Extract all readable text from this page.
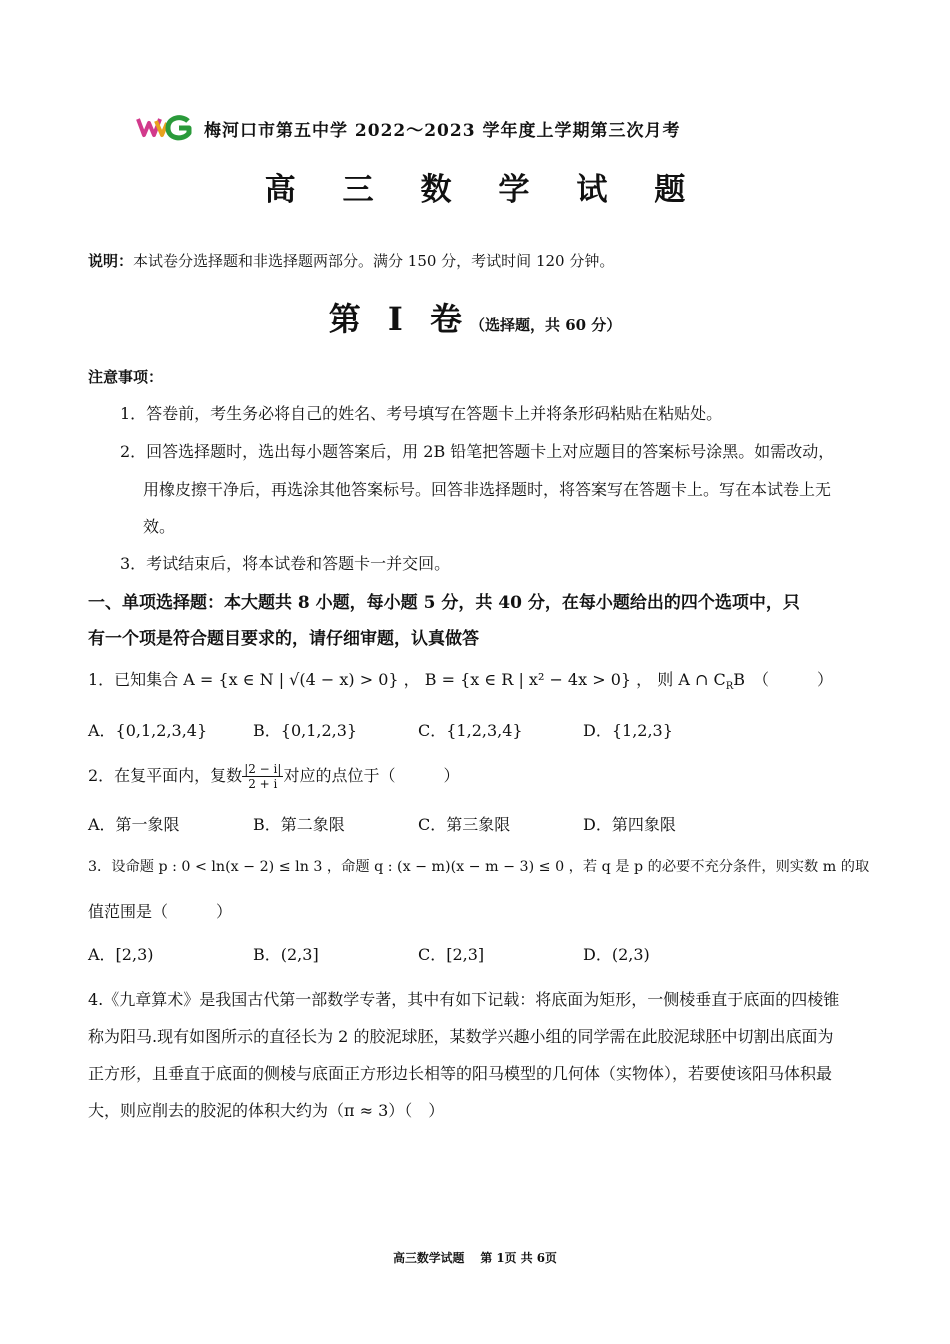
梅河口市第五中学 2022～2023 学年度上学期第三次月考
高 三 数 学 试 题
说明：本试卷分选择题和非选择题两部分。满分 150 分，考试时间 120 分钟。
第 I 卷（选择题，共 60 分）
注意事项：
1．答卷前，考生务必将自己的姓名、考号填写在答题卡上并将条形码粘贴在粘贴处。
2．回答选择题时，选出每小题答案后，用 2B 铅笔把答题卡上对应题目的答案标号涂黑。如需改动，
用橡皮擦干净后，再选涂其他答案标号。回答非选择题时，将答案写在答题卡上。写在本试卷上无
效。
3．考试结束后，将本试卷和答题卡一并交回。
一、单项选择题：本大题共 8 小题，每小题 5 分，共 40 分，在每小题给出的四个选项中，只
有一个项是符合题目要求的，请仔细审题，认真做答
1．已知集合 A = {x ∈ N | √(4 − x) > 0} ， B = {x ∈ R | x² − 4x > 0} ， 则 A ∩ $C_RB$　（　　　）
A．{0,1,2,3,4}	B．{0,1,2,3}	C．{1,2,3,4}	D．{1,2,3}
2．在复平面内，复数 $\frac{|2 - i|}{2 + i}$ 对应的点位于（　　　）
A．第一象限	B．第二象限	C．第三象限	D．第四象限
3．设命题 p : 0 < ln(x − 2) ≤ ln 3 ，命题 q : (x − m)(x − m − 3) ≤ 0 ，若 q 是 p 的必要不充分条件，则实数 m 的取
值范围是（　　　）
A．[2,3)	B．(2,3]	C．[2,3]	D．(2,3)
4.《九章算术》是我国古代第一部数学专著，其中有如下记载：将底面为矩形，一侧棱垂直于底面的四棱锥
称为阳马.现有如图所示的直径长为 2 的胶泥球胚，某数学兴趣小组的同学需在此胶泥球胚中切割出底面为
正方形，且垂直于底面的侧棱与底面正方形边长相等的阳马模型的几何体（实物体），若要使该阳马体积最
大，则应削去的胶泥的体积大约为（π ≈ 3）（　）
高三数学试题　 第 1页 共 6页
